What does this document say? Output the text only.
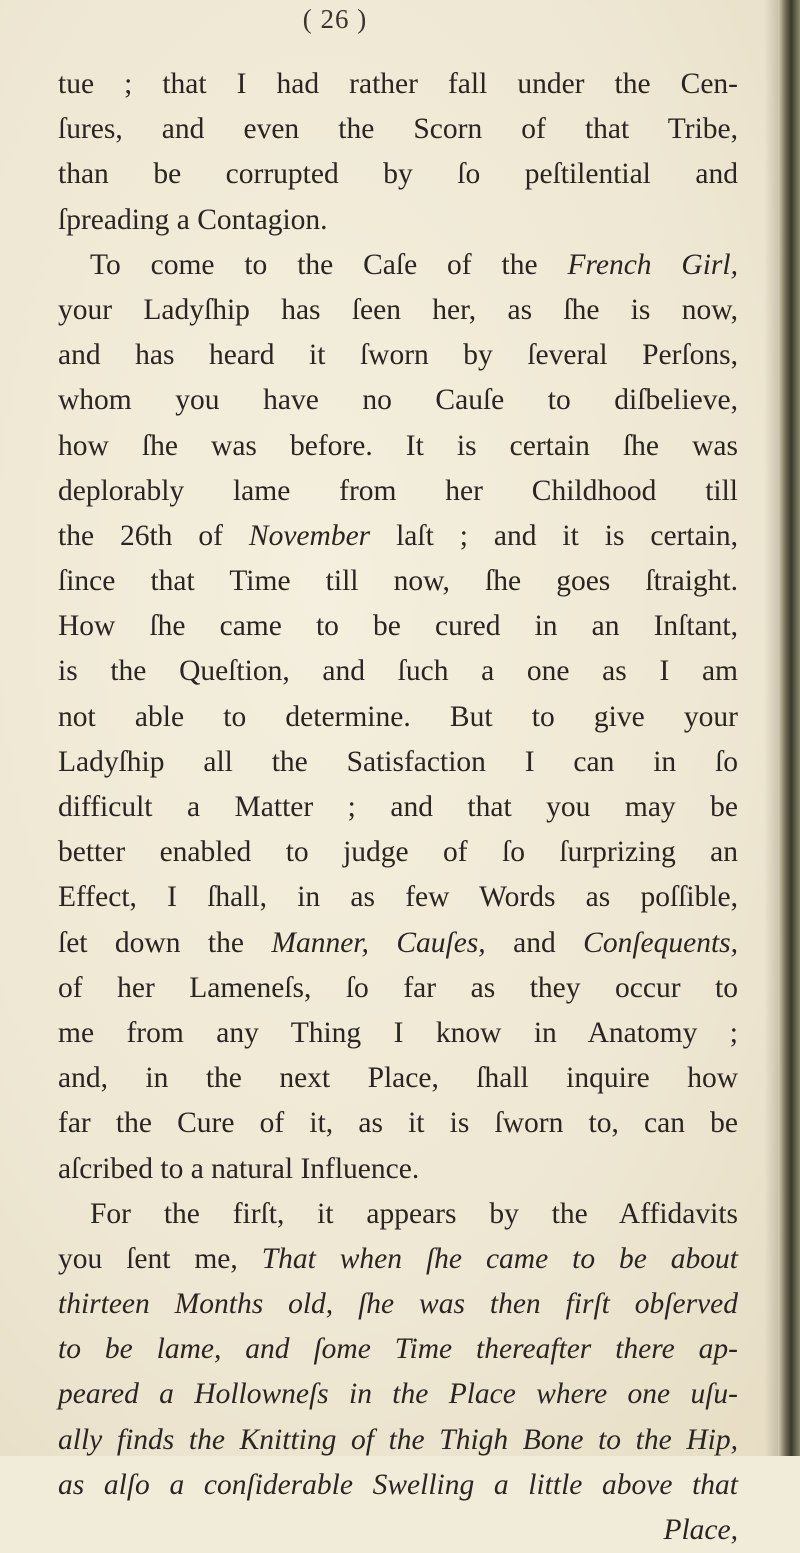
( 26 )
tue ; that I had rather fall under the Cen-
ſures, and even the Scorn of that Tribe,
than be corrupted by ſo peſtilential and
ſpreading a Contagion.
To come to the Caſe of the French Girl,
your Ladyſhip has ſeen her, as ſhe is now,
and has heard it ſworn by ſeveral Perſons,
whom you have no Cauſe to diſbelieve,
how ſhe was before. It is certain ſhe was
deplorably lame from her Childhood till
the 26th of November laſt ; and it is certain,
ſince that Time till now, ſhe goes ſtraight.
How ſhe came to be cured in an Inſtant,
is the Queſtion, and ſuch a one as I am
not able to determine. But to give your
Ladyſhip all the Satisfaction I can in ſo
difficult a Matter ; and that you may be
better enabled to judge of ſo ſurprizing an
Effect, I ſhall, in as few Words as poſſible,
ſet down the Manner, Cauſes, and Conſequents,
of her Lameneſs, ſo far as they occur to
me from any Thing I know in Anatomy ;
and, in the next Place, ſhall inquire how
far the Cure of it, as it is ſworn to, can be
aſcribed to a natural Influence.
For the firſt, it appears by the Affidavits
you ſent me, That when ſhe came to be about
thirteen Months old, ſhe was then firſt obſerved
to be lame, and ſome Time thereafter there ap-
peared a Hollowneſs in the Place where one uſu-
ally finds the Knitting of the Thigh Bone to the Hip,
as alſo a conſiderable Swelling a little above that
Place,
